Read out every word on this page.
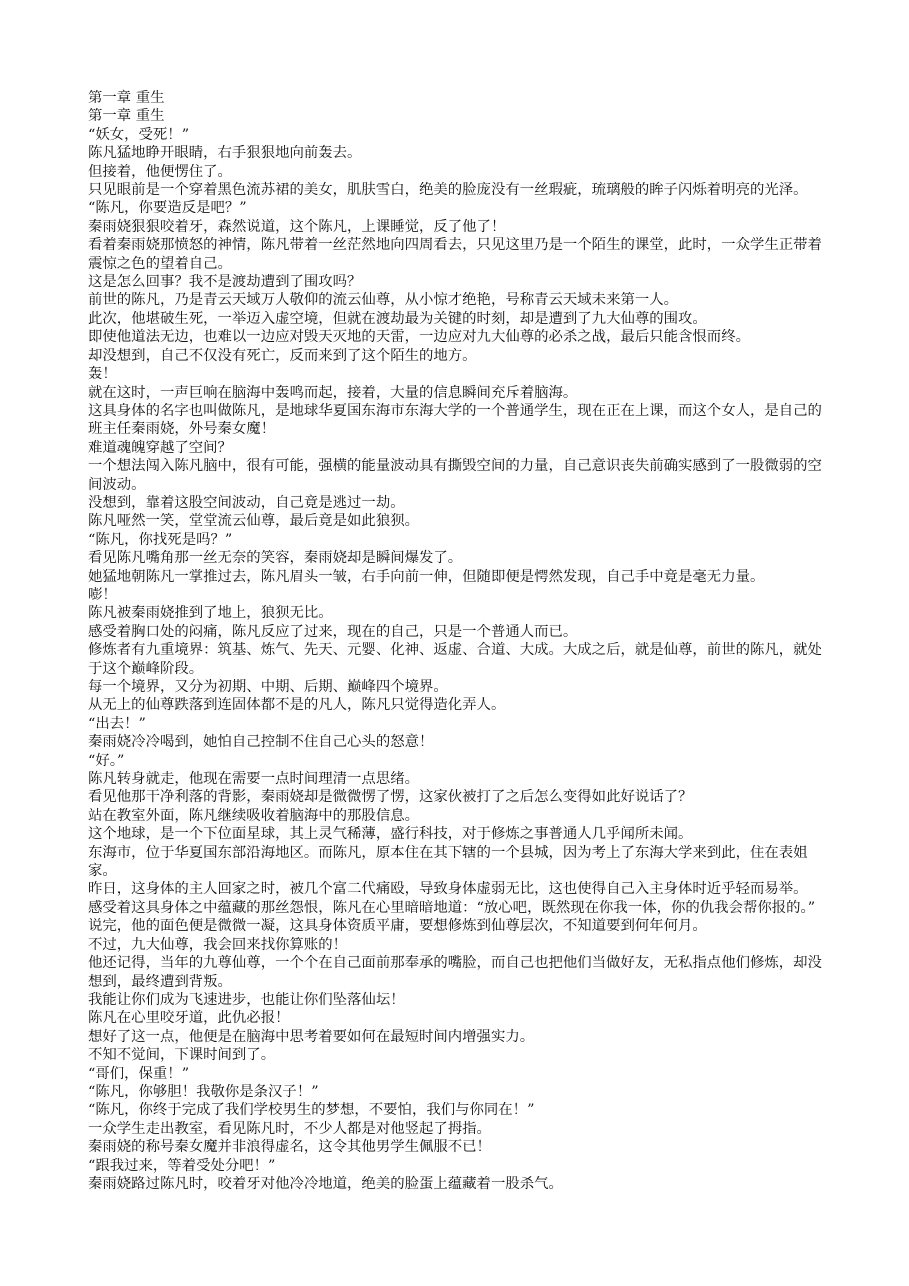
第一章 重生

第一章 重生

“妖女，受死！”

陈凡猛地睁开眼睛，右手狠狠地向前轰去。

但接着，他便愣住了。

只见眼前是一个穿着黑色流苏裙的美女，肌肤雪白，绝美的脸庞没有一丝瑕疵，琉璃般的眸子闪烁着明亮的光泽。

“陈凡，你要造反是吧？”

秦雨娆狠狠咬着牙，森然说道，这个陈凡，上课睡觉，反了他了！

看着秦雨娆那愤怒的神情，陈凡带着一丝茫然地向四周看去，只见这里乃是一个陌生的课堂，此时，一众学生正带着震惊之色的望着自己。

这是怎么回事？我不是渡劫遭到了围攻吗？

前世的陈凡，乃是青云天域万人敬仰的流云仙尊，从小惊才绝艳，号称青云天域未来第一人。

此次，他堪破生死，一举迈入虚空境，但就在渡劫最为关键的时刻，却是遭到了九大仙尊的围攻。

即使他道法无边，也难以一边应对毁天灭地的天雷，一边应对九大仙尊的必杀之战，最后只能含恨而终。

却没想到，自己不仅没有死亡，反而来到了这个陌生的地方。

轰！

就在这时，一声巨响在脑海中轰鸣而起，接着，大量的信息瞬间充斥着脑海。

这具身体的名字也叫做陈凡，是地球华夏国东海市东海大学的一个普通学生，现在正在上课，而这个女人，是自己的班主任秦雨娆，外号秦女魔！

难道魂魄穿越了空间？

一个想法闯入陈凡脑中，很有可能，强横的能量波动具有撕毁空间的力量，自己意识丧失前确实感到了一股微弱的空间波动。

没想到，靠着这股空间波动，自己竟是逃过一劫。

陈凡哑然一笑，堂堂流云仙尊，最后竟是如此狼狈。

“陈凡，你找死是吗？”

看见陈凡嘴角那一丝无奈的笑容，秦雨娆却是瞬间爆发了。

她猛地朝陈凡一掌推过去，陈凡眉头一皱，右手向前一伸，但随即便是愕然发现，自己手中竟是毫无力量。

嘭！

陈凡被秦雨娆推到了地上，狼狈无比。

感受着胸口处的闷痛，陈凡反应了过来，现在的自己，只是一个普通人而已。

修炼者有九重境界：筑基、炼气、先天、元婴、化神、返虚、合道、大成。大成之后，就是仙尊，前世的陈凡，就处于这个巅峰阶段。

每一个境界，又分为初期、中期、后期、巅峰四个境界。

从无上的仙尊跌落到连固体都不是的凡人，陈凡只觉得造化弄人。

“出去！”

秦雨娆冷冷喝到，她怕自己控制不住自己心头的怒意！

“好。”

陈凡转身就走，他现在需要一点时间理清一点思绪。

看见他那干净利落的背影，秦雨娆却是微微愣了愣，这家伙被打了之后怎么变得如此好说话了？

站在教室外面，陈凡继续吸收着脑海中的那股信息。

这个地球，是一个下位面星球，其上灵气稀薄，盛行科技，对于修炼之事普通人几乎闻所未闻。

东海市，位于华夏国东部沿海地区。而陈凡，原本住在其下辖的一个县城，因为考上了东海大学来到此，住在表姐家。

昨日，这身体的主人回家之时，被几个富二代痛殴，导致身体虚弱无比，这也使得自己入主身体时近乎轻而易举。

感受着这具身体之中蕴藏的那丝怨恨，陈凡在心里暗暗地道：“放心吧，既然现在你我一体，你的仇我会帮你报的。”

说完，他的面色便是微微一凝，这具身体资质平庸，要想修炼到仙尊层次，不知道要到何年何月。

不过，九大仙尊，我会回来找你算账的！

他还记得，当年的九尊仙尊，一个个在自己面前那奉承的嘴脸，而自己也把他们当做好友，无私指点他们修炼，却没想到，最终遭到背叛。

我能让你们成为飞速进步，也能让你们坠落仙坛！

陈凡在心里咬牙道，此仇必报！

想好了这一点，他便是在脑海中思考着要如何在最短时间内增强实力。

不知不觉间，下课时间到了。

“哥们，保重！”

“陈凡，你够胆！我敬你是条汉子！”

“陈凡，你终于完成了我们学校男生的梦想，不要怕，我们与你同在！”

一众学生走出教室，看见陈凡时，不少人都是对他竖起了拇指。

秦雨娆的称号秦女魔并非浪得虚名，这令其他男学生佩服不已！

“跟我过来，等着受处分吧！”

秦雨娆路过陈凡时，咬着牙对他冷冷地道，绝美的脸蛋上蕴藏着一股杀气。
